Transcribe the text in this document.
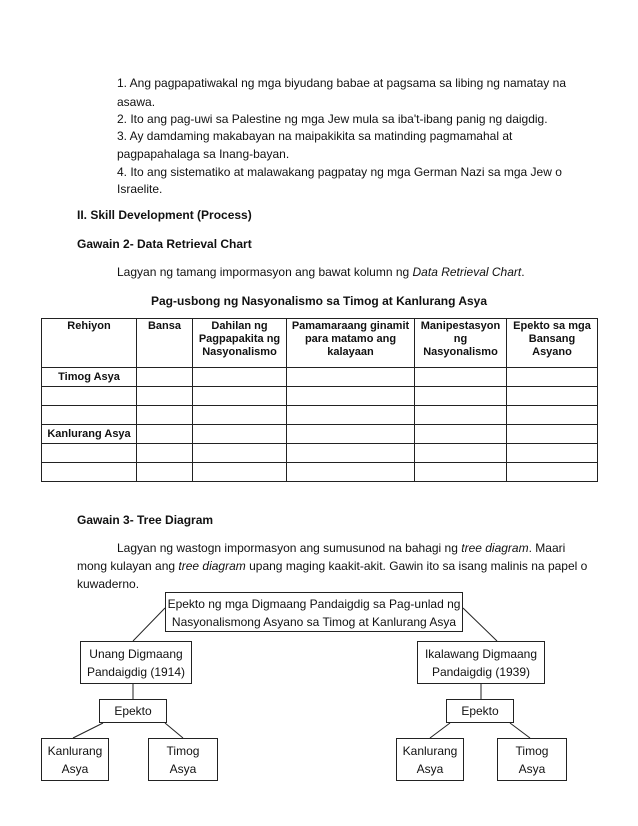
1. Ang pagpapatiwakal ng mga biyudang babae at pagsama sa libing ng namatay na
asawa.
2. Ito ang pag-uwi sa Palestine ng mga Jew mula sa iba't-ibang panig ng daigdig.
3. Ay damdaming makabayan na maipakikita sa matinding pagmamahal at
pagpapahalaga sa Inang-bayan.
4. Ito ang sistematiko at malawakang pagpatay ng mga German Nazi sa mga Jew o
Israelite.
II. Skill Development (Process)
Gawain 2- Data Retrieval Chart
Lagyan ng tamang impormasyon ang bawat kolumn ng Data Retrieval Chart.
Pag-usbong ng Nasyonalismo sa Timog at Kanlurang Asya
Rehiyon	Bansa	Dahilan ng Pagpapakita ng Nasyonalismo	Pamamaraang ginamit para matamo ang kalayaan	Manipestasyon ng Nasyonalismo	Epekto sa mga Bansang Asyano
Timog Asya					

Kanlurang Asya					

Gawain 3- Tree Diagram
Lagyan ng wastogn impormasyon ang sumusunod na bahagi ng tree diagram. Maari
mong kulayan ang tree diagram upang maging kaakit-akit. Gawin ito sa isang malinis na papel o
kuwaderno.
Epekto ng mga Digmaang Pandaigdig sa Pag-unlad ng
Nasyonalismong Asyano sa Timog at Kanlurang Asya
Unang Digmaang
Pandaigdig (1914)
Ikalawang Digmaang
Pandaigdig (1939)
Epekto	Epekto
Kanlurang
Asya
Timog
Asya
Kanlurang
Asya
Timog
Asya
